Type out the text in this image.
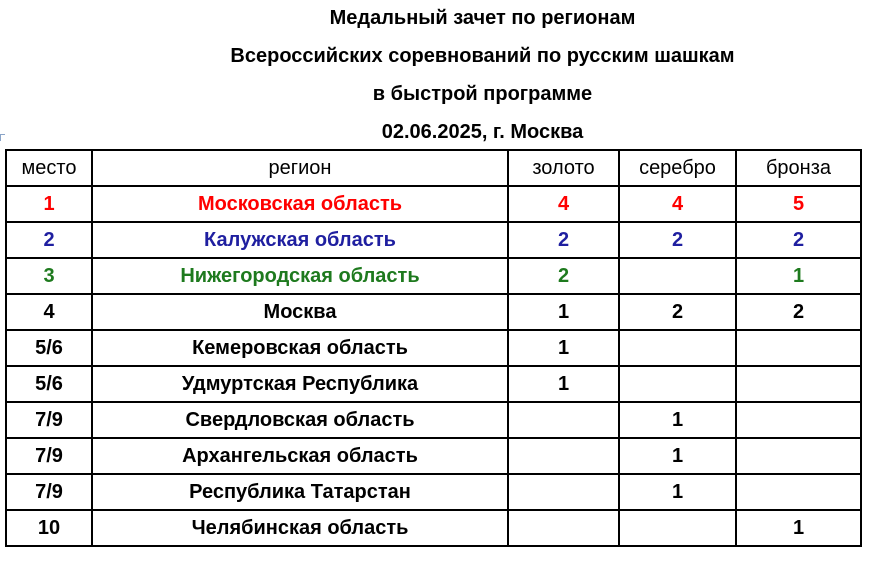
Медальный зачет по регионам
Всероссийских соревнований по русским шашкам
в быстрой программе
02.06.2025, г. Москва
место	регион	золото	серебро	бронза
1	Московская область	4	4	5
2	Калужская область	2	2	2
3	Нижегородская область	2		1
4	Москва	1	2	2
5/6	Кемеровская область	1		
5/6	Удмуртская Республика	1		
7/9	Свердловская область		1	
7/9	Архангельская область		1	
7/9	Республика Татарстан		1	
10	Челябинская область			1
